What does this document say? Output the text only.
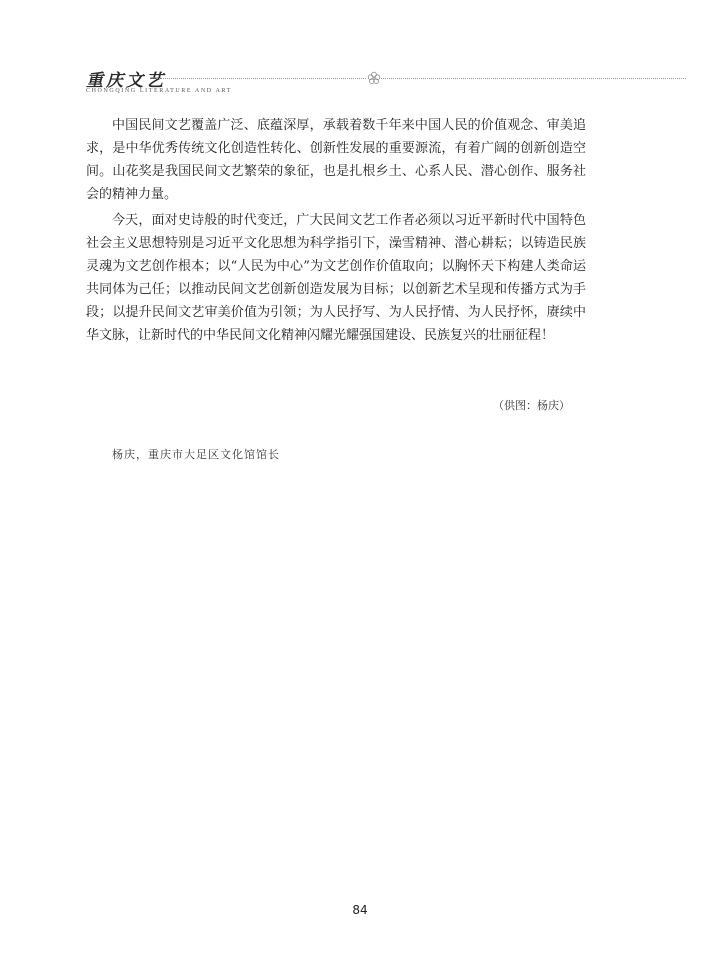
重庆文艺
CHONGQING LITERATURE AND ART

中国民间文艺覆盖广泛、底蕴深厚，承载着数千年来中国人民的价值观念、审美追求，是中华优秀传统文化创造性转化、创新性发展的重要源流，有着广阔的创新创造空间。山花奖是我国民间文艺繁荣的象征，也是扎根乡土、心系人民、潜心创作、服务社会的精神力量。

今天，面对史诗般的时代变迁，广大民间文艺工作者必须以习近平新时代中国特色社会主义思想特别是习近平文化思想为科学指引下，澡雪精神、潜心耕耘；以铸造民族灵魂为文艺创作根本；以“人民为中心”为文艺创作价值取向；以胸怀天下构建人类命运共同体为己任；以推动民间文艺创新创造发展为目标；以创新艺术呈现和传播方式为手段；以提升民间文艺审美价值为引领；为人民抒写、为人民抒情、为人民抒怀，赓续中华文脉，让新时代的中华民间文化精神闪耀光耀强国建设、民族复兴的壮丽征程！

（供图：杨庆）
杨庆，重庆市大足区文化馆馆长
84
